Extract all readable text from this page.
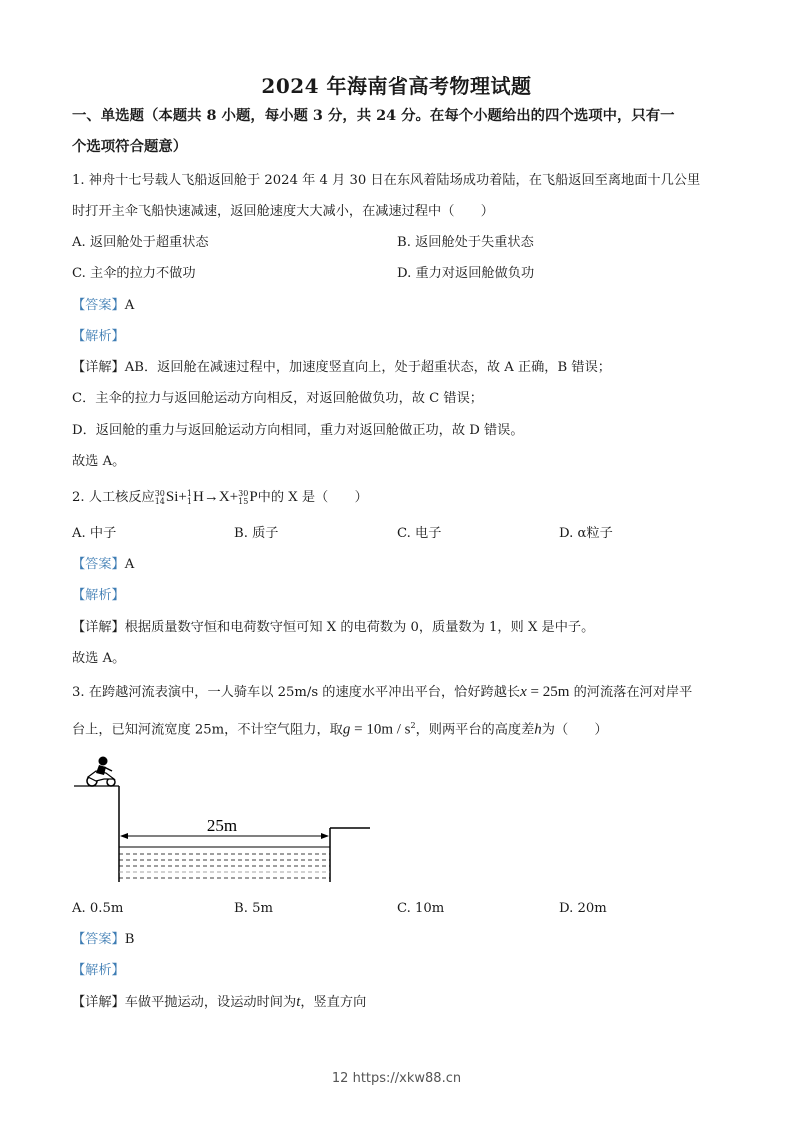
2024 年海南省高考物理试题
一、单选题（本题共 8 小题，每小题 3 分，共 24 分。在每个小题给出的四个选项中，只有一
个选项符合题意）
1. 神舟十七号载人飞船返回舱于 2024 年 4 月 30 日在东风着陆场成功着陆，在飞船返回至离地面十几公里
时打开主伞飞船快速减速，返回舱速度大大减小，在减速过程中（　　）
A. 返回舱处于超重状态	B. 返回舱处于失重状态
C. 主伞的拉力不做功	D. 重力对返回舱做负功
【答案】A
【解析】
【详解】AB．返回舱在减速过程中，加速度竖直向上，处于超重状态，故 A 正确，B 错误；
C．主伞的拉力与返回舱运动方向相反，对返回舱做负功，故 C 错误；
D．返回舱的重力与返回舱运动方向相同，重力对返回舱做正功，故 D 错误。
故选 A。
2. 人工核反应 30
14 Si+ 1
1 H→X+ 30
15 P中的 X 是（　　）
A. 中子	B. 质子	C. 电子	D. α粒子
【答案】A
【解析】
【详解】根据质量数守恒和电荷数守恒可知 X 的电荷数为 0，质量数为 1，则 X 是中子。
故选 A。
3. 在跨越河流表演中，一人骑车以 25m/s 的速度水平冲出平台，恰好跨越长x = 25m 的河流落在河对岸平
台上，已知河流宽度 25m，不计空气阻力，取$g = 10m / s^2$，则两平台的高度差h为（　　）
25m
A. 0.5m	B. 5m	C. 10m	D. 20m
【答案】B
【解析】
【详解】车做平抛运动，设运动时间为t，竖直方向
12 https://xkw88.cn
